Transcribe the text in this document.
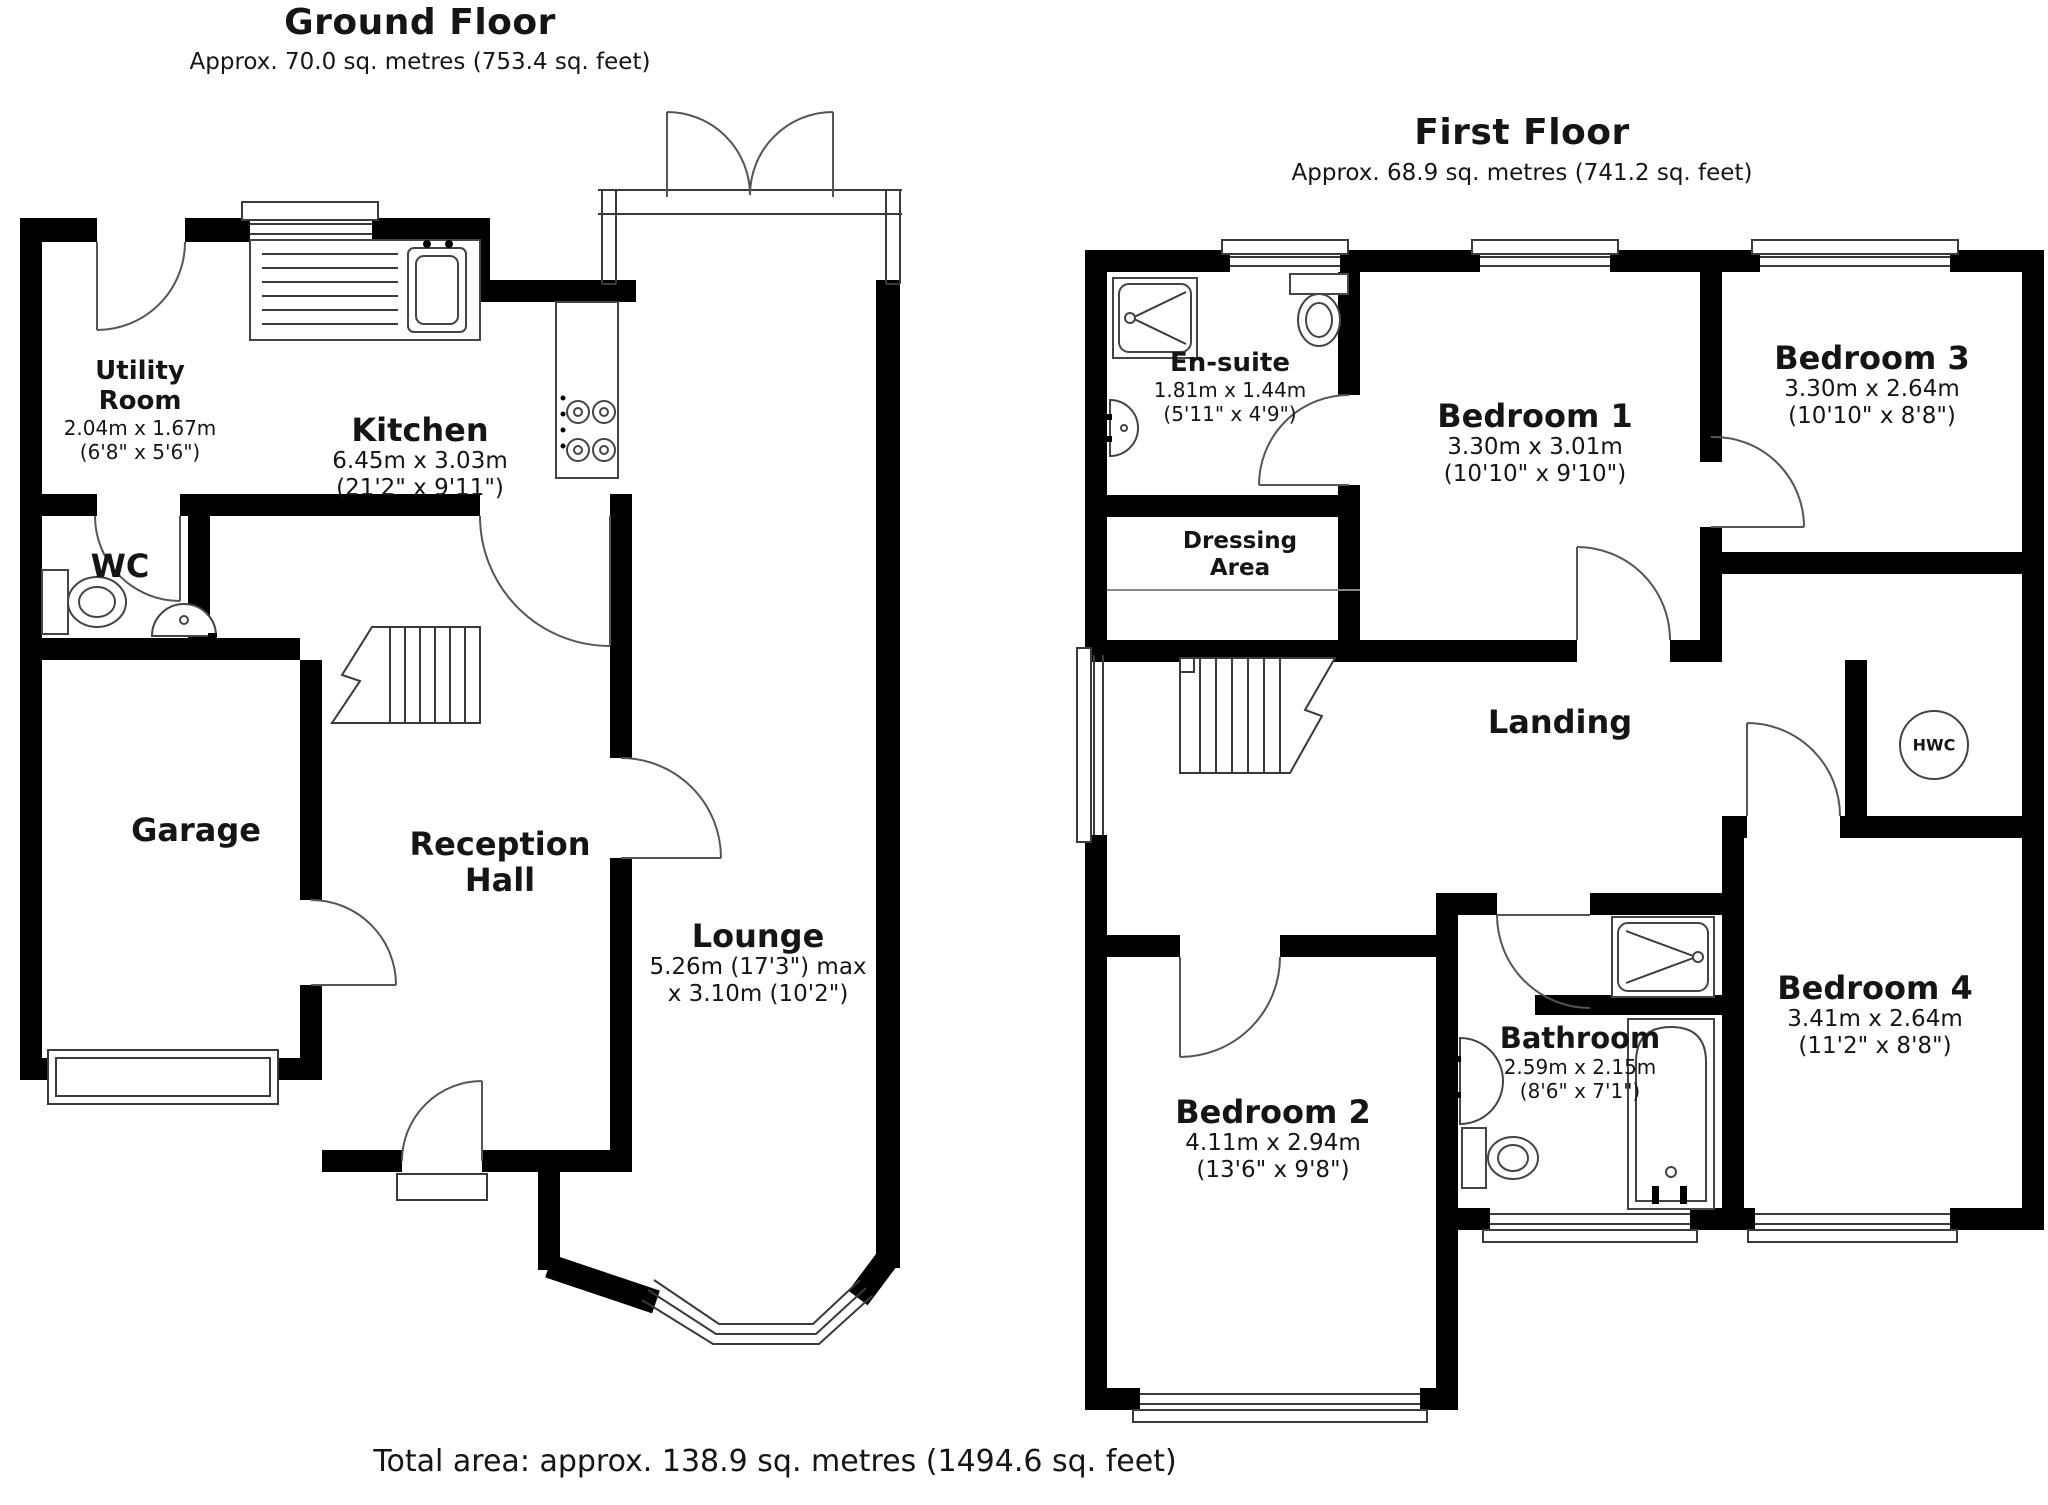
Ground Floor
Approx. 70.0 sq. metres (753.4 sq. feet)
Utility
Room
2.04m x 1.67m
(6'8" x 5'6")
Kitchen
6.45m x 3.03m
(21'2" x 9'11")
WC
Garage	Reception
Hall
Lounge
5.26m (17'3") max
x 3.10m (10'2")
First Floor
Approx. 68.9 sq. metres (741.2 sq. feet)
En-suite
1.81m x 1.44m
(5'11" x 4'9")	Bedroom 1
3.30m x 3.01m
(10'10" x 9'10")
Bedroom 3
3.30m x 2.64m
(10'10" x 8'8")
Dressing
Area
Landing
HWC
Bedroom 2
4.11m x 2.94m
(13'6" x 9'8")
Bathroom
2.59m x 2.15m
(8'6" x 7'1")
Bedroom 4
3.41m x 2.64m
(11'2" x 8'8")
Total area: approx. 138.9 sq. metres (1494.6 sq. feet)
